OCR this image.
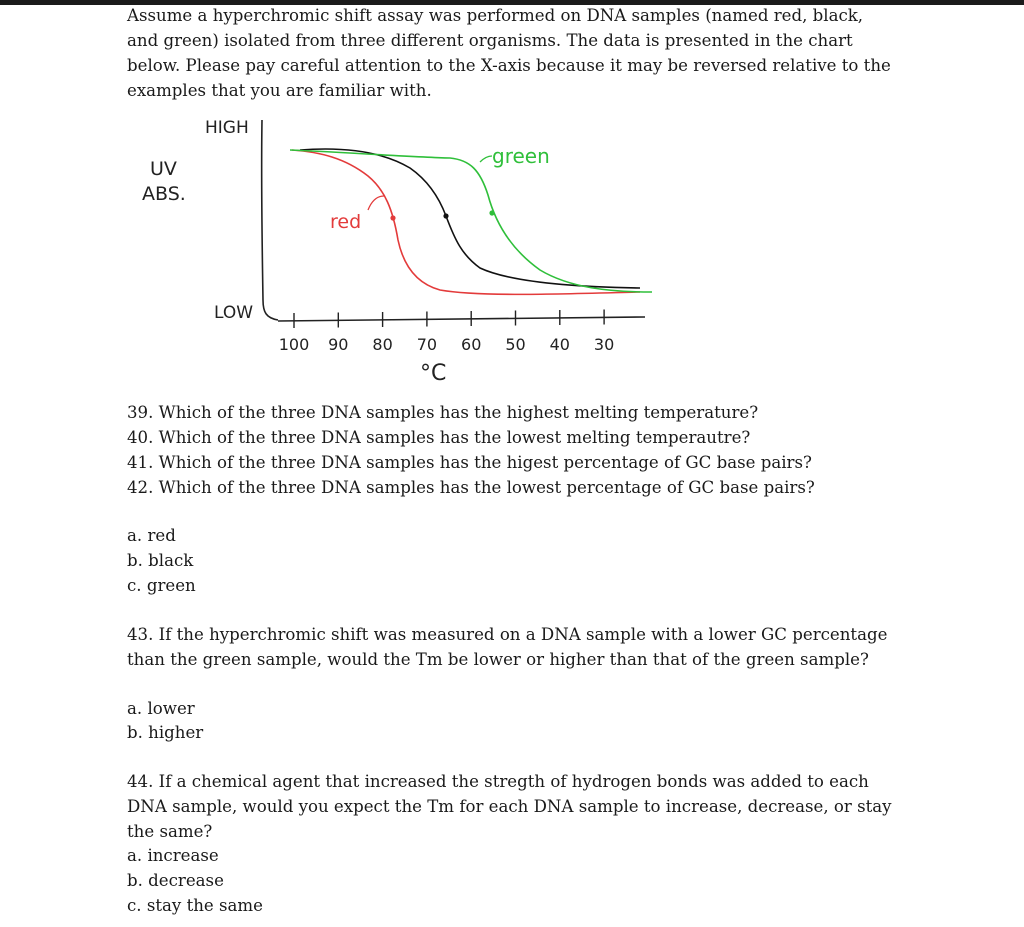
Assume a hyperchromic shift assay was performed on DNA samples (named red, black, and green) isolated from three different organisms. The data is presented in the chart below. Please pay careful attention to the X-axis because it may be reversed relative to the examples that you are familiar with.

HIGH
LOW
UV
ABS.
°C
100 90 80 70 60 50 40 30
red
green

39. Which of the three DNA samples has the highest melting temperature?

40. Which of the three DNA samples has the lowest melting temperautre?

41. Which of the three DNA samples has the higest percentage of GC base pairs?

42. Which of the three DNA samples has the lowest percentage of GC base pairs?

a. red

b. black

c. green

43. If the hyperchromic shift was measured on a DNA sample with a lower GC percentage than the green sample, would the Tm be lower or higher than that of the green sample?

a. lower

b. higher

44. If a chemical agent that increased the stregth of hydrogen bonds was added to each DNA sample, would you expect the Tm for each DNA sample to increase, decrease, or stay the same?

a. increase

b. decrease

c. stay the same
